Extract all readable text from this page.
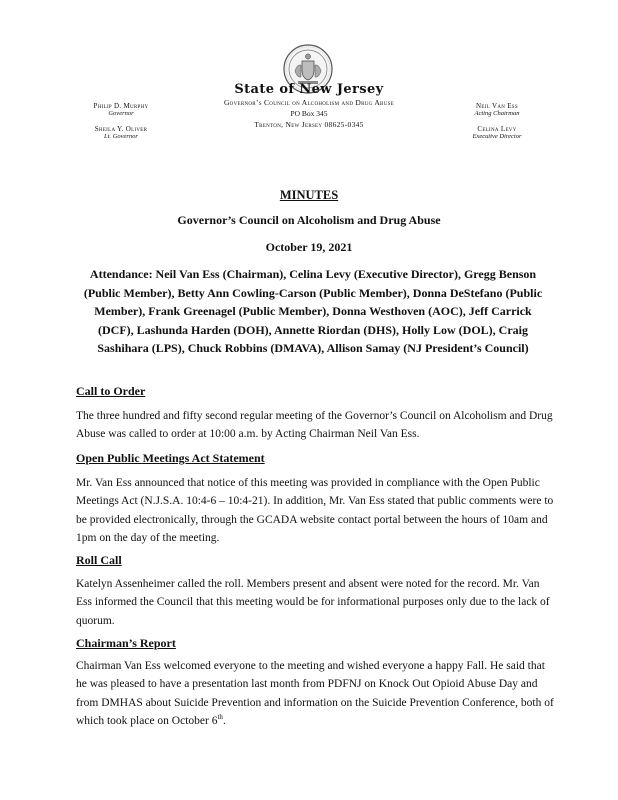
State of New Jersey
Governor’s Council on Alcoholism and Drug Abuse
PO Box 345
Trenton, New Jersey 08625-0345
Philip D. Murphy
Governor
Sheila Y. Oliver
Lt. Governor
Neil Van Ess
Acting Chairman
Celina Levy
Executive Director
MINUTES
Governor’s Council on Alcoholism and Drug Abuse
October 19, 2021
Attendance: Neil Van Ess (Chairman), Celina Levy (Executive Director), Gregg Benson (Public Member), Betty Ann Cowling-Carson (Public Member), Donna DeStefano (Public Member), Frank Greenagel (Public Member), Donna Westhoven (AOC), Jeff Carrick (DCF), Lashunda Harden (DOH), Annette Riordan (DHS), Holly Low (DOL), Craig Sashihara (LPS), Chuck Robbins (DMAVA), Allison Samay (NJ President’s Council)
Call to Order
The three hundred and fifty second regular meeting of the Governor’s Council on Alcoholism and Drug Abuse was called to order at 10:00 a.m. by Acting Chairman Neil Van Ess.
Open Public Meetings Act Statement
Mr. Van Ess announced that notice of this meeting was provided in compliance with the Open Public Meetings Act (N.J.S.A. 10:4-6 – 10:4-21). In addition, Mr. Van Ess stated that public comments were to be provided electronically, through the GCADA website contact portal between the hours of 10am and 1pm on the day of the meeting.
Roll Call
Katelyn Assenheimer called the roll. Members present and absent were noted for the record. Mr. Van Ess informed the Council that this meeting would be for informational purposes only due to the lack of quorum.
Chairman’s Report
Chairman Van Ess welcomed everyone to the meeting and wished everyone a happy Fall. He said that he was pleased to have a presentation last month from PDFNJ on Knock Out Opioid Abuse Day and from DMHAS about Suicide Prevention and information on the Suicide Prevention Conference, both of which took place on October 6th.
